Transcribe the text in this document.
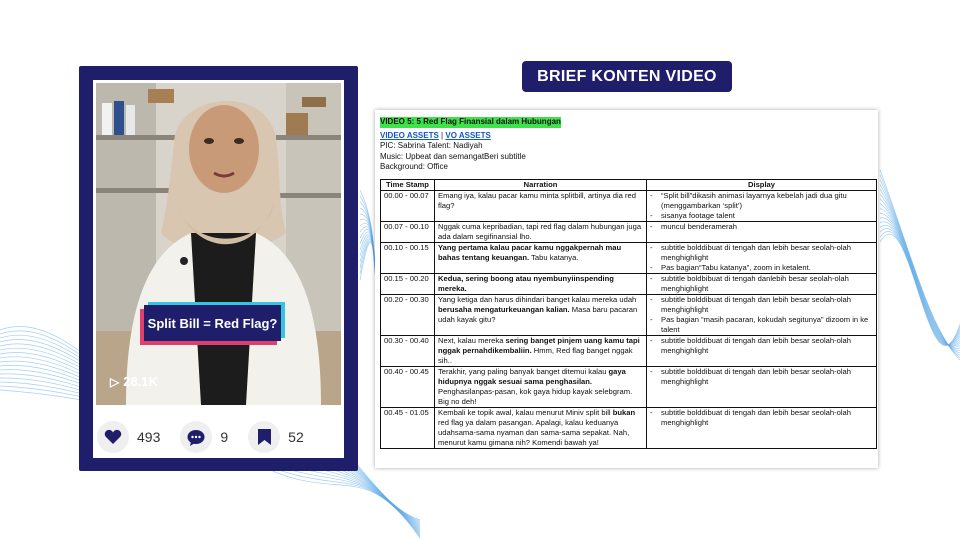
Split Bill = Red Flag?
▷ 28.1K
493	9	52
BRIEF KONTEN VIDEO
VIDEO 5: 5 Red Flag Finansial dalam Hubungan
VIDEO ASSETS | VO ASSETS
PIC: Sabrina Talent: Nadiyah
Music: Upbeat dan semangatBeri subtitle
Background: Office
Time Stamp	Narration	Display
00.00 - 00.07	Emang iya, kalau pacar kamu minta splitbill, artinya dia red flag?	- “Split bill”dikasih animasi layarnya kebelah jadi dua gitu (menggambarkan ‘split’)
- sisanya footage talent

00.07 - 00.10	Nggak cuma kepribadian, tapi red flag dalam hubungan juga ada dalam segifinansial lho.	- muncul benderamerah

00.10 - 00.15	Yang pertama kalau pacar kamu nggakpernah mau bahas tentang keuangan. Tabu katanya.	- subtitle bolddibuat di tengah dan lebih besar seolah-olah menghighlight
- Pas bagian“Tabu katanya”, zoom in ketalent.

00.15 - 00.20	Kedua, sering boong atau nyembunyiinspending mereka.	- subtitle boldbibuat di tengah danlebih besar seolah-olah menghighlight

00.20 - 00.30	Yang ketiga dan harus dihindari banget kalau mereka udah berusaha mengaturkeuangan kalian. Masa baru pacaran udah kayak gitu?	- subtitle bolddibuat di tengah dan lebih besar seolah-olah menghighlight
- Pas bagian “masih pacaran, kokudah segitunya” dizoom in ke talent

00.30 - 00.40	Next, kalau mereka sering banget pinjem uang kamu tapi nggak pernahdikembaliin. Hmm, Red flag banget nggak sih..	- subtitle bolddibuat di tengah dan lebih besar seolah-olah menghighlight

00.40 - 00.45	Terakhir, yang paling banyak banget ditemui kalau gaya hidupnya nggak sesuai sama penghasilan. Penghasilanpas-pasan, kok gaya hidup kayak selebgram. Big no deh!	- subtitle bolddibuat di tengah dan lebih besar seolah-olah menghighlight

00.45 - 01.05	Kembali ke topik awal, kalau menurut Miniv split bill bukan red flag ya dalam pasangan. Apalagi, kalau keduanya udahsama-sama nyaman dan sama-sama sepakat. Nah, menurut kamu gimana nih? Komendi bawah ya!	- subtitle bolddibuat di tengah dan lebih besar seolah-olah menghighlight
